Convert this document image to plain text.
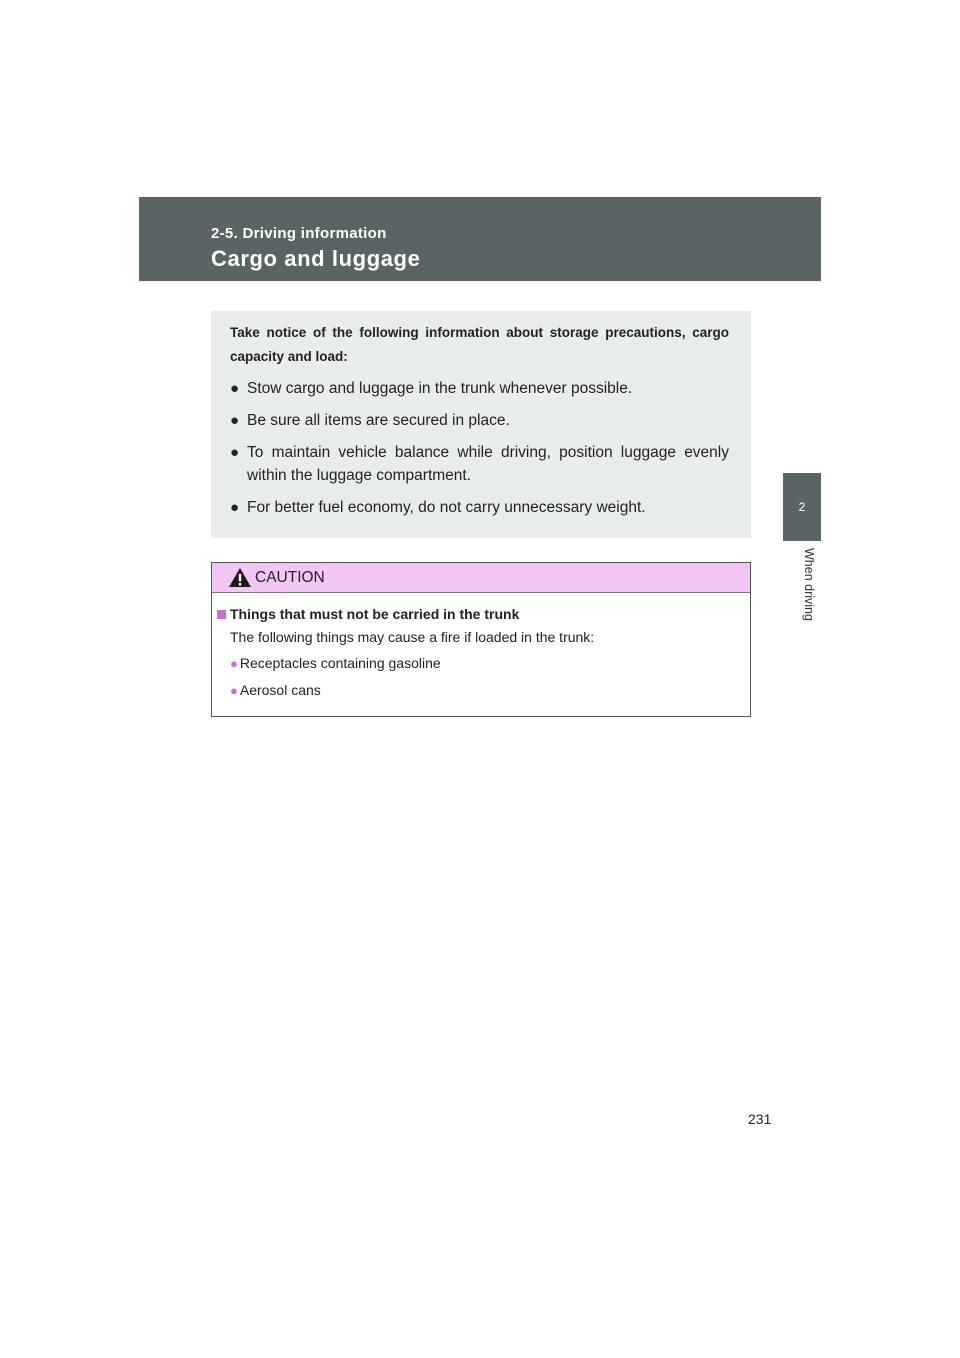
2-5. Driving information
Cargo and luggage
2
When driving
Take notice of the following information about storage precautions, cargo capacity and load:
● Stow cargo and luggage in the trunk whenever possible.
● Be sure all items are secured in place.
● To maintain vehicle balance while driving, position luggage evenly within the luggage compartment.
● For better fuel economy, do not carry unnecessary weight.
CAUTION
Things that must not be carried in the trunk
The following things may cause a fire if loaded in the trunk:
● Receptacles containing gasoline
● Aerosol cans
231
